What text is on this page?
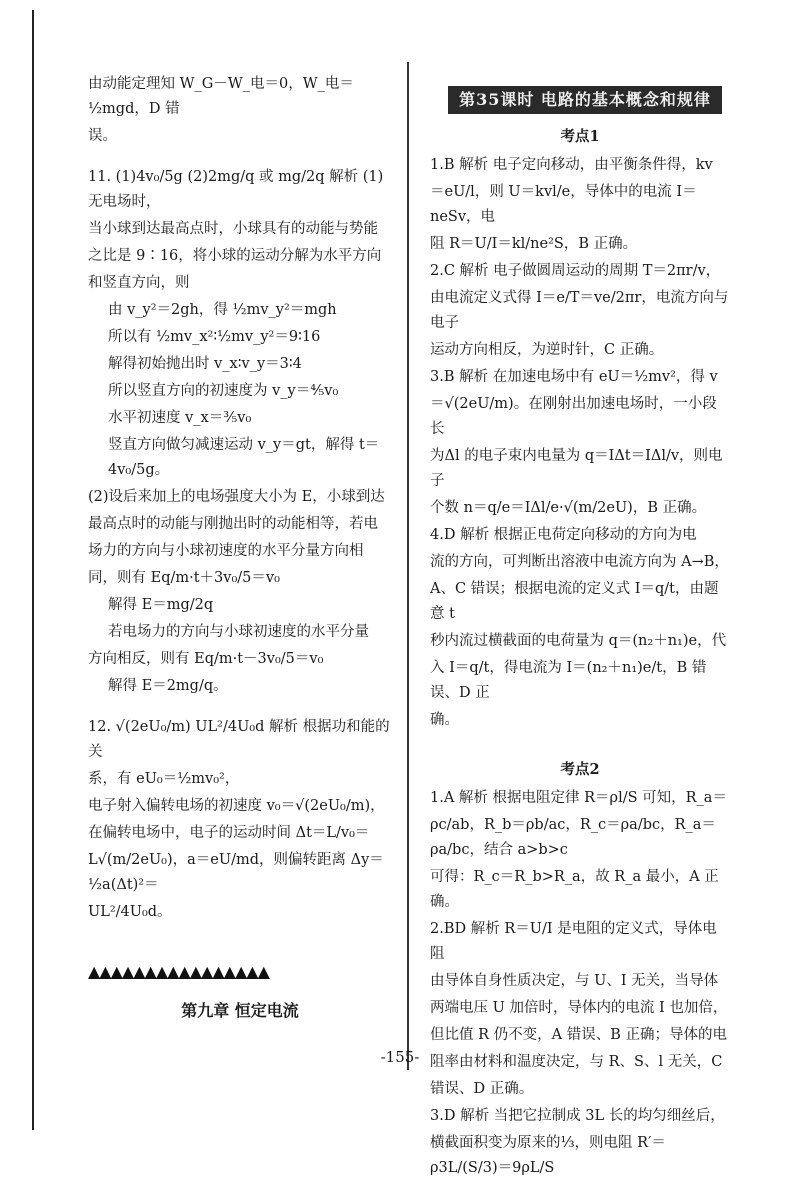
由动能定理知 W_G－W_电＝0，W_电＝½mgd，D 错

误。

11. (1)4v₀/5g (2)2mg/q 或 mg/2q 解析 (1)无电场时，

当小球到达最高点时，小球具有的动能与势能

之比是 9∶16，将小球的运动分解为水平方向

和竖直方向，则

由 v_y²＝2gh，得 ½mv_y²＝mgh

所以有 ½mv_x²∶½mv_y²＝9∶16

解得初始抛出时 v_x∶v_y＝3∶4

所以竖直方向的初速度为 v_y＝⅘v₀

水平初速度 v_x＝⅗v₀

竖直方向做匀减速运动 v_y＝gt，解得 t＝4v₀/5g。

(2)设后来加上的电场强度大小为 E，小球到达

最高点时的动能与刚抛出时的动能相等，若电

场力的方向与小球初速度的水平分量方向相

同，则有 Eq/m·t＋3v₀/5＝v₀

解得 E＝mg/2q

若电场力的方向与小球初速度的水平分量

方向相反，则有 Eq/m·t－3v₀/5＝v₀

解得 E＝2mg/q。

12. √(2eU₀/m) UL²/4U₀d 解析 根据功和能的关

系，有 eU₀＝½mv₀²，

电子射入偏转电场的初速度 v₀＝√(2eU₀/m)，

在偏转电场中，电子的运动时间 Δt＝L/v₀＝

L√(m/2eU₀)，a＝eU/md，则偏转距离 Δy＝½a(Δt)²＝

UL²/4U₀d。

▲▲▲▲▲▲▲▲▲▲▲▲▲▲▲▲
第九章 恒定电流
第35课时 电路的基本概念和规律
考点1

1.B 解析 电子定向移动，由平衡条件得，kv

＝eU/l，则 U＝kvl/e，导体中的电流 I＝neSv，电

阻 R＝U/I＝kl/ne²S，B 正确。

2.C 解析 电子做圆周运动的周期 T＝2πr/v，

由电流定义式得 I＝e/T＝ve/2πr，电流方向与电子

运动方向相反，为逆时针，C 正确。

3.B 解析 在加速电场中有 eU＝½mv²，得 v

＝√(2eU/m)。在刚射出加速电场时，一小段长

为Δl 的电子束内电量为 q＝IΔt＝IΔl/v，则电子

个数 n＝q/e＝IΔl/e·√(m/2eU)，B 正确。

4.D 解析 根据正电荷定向移动的方向为电

流的方向，可判断出溶液中电流方向为 A→B，

A、C 错误；根据电流的定义式 I＝q/t，由题意 t

秒内流过横截面的电荷量为 q＝(n₂＋n₁)e，代

入 I＝q/t，得电流为 I＝(n₂＋n₁)e/t，B 错误、D 正

确。

考点2

1.A 解析 根据电阻定律 R＝ρl/S 可知，R_a＝

ρc/ab，R_b＝ρb/ac，R_c＝ρa/bc，R_a＝ρa/bc，结合 a>b>c

可得：R_c＝R_b>R_a，故 R_a 最小，A 正确。

2.BD 解析 R＝U/I 是电阻的定义式，导体电阻

由导体自身性质决定，与 U、I 无关，当导体

两端电压 U 加倍时，导体内的电流 I 也加倍，

但比值 R 仍不变，A 错误、B 正确；导体的电

阻率由材料和温度决定，与 R、S、l 无关，C

错误、D 正确。

3.D 解析 当把它拉制成 3L 长的均匀细丝后，

横截面积变为原来的⅓，则电阻 R′＝ρ3L/(S/3)＝9ρL/S

-155-
